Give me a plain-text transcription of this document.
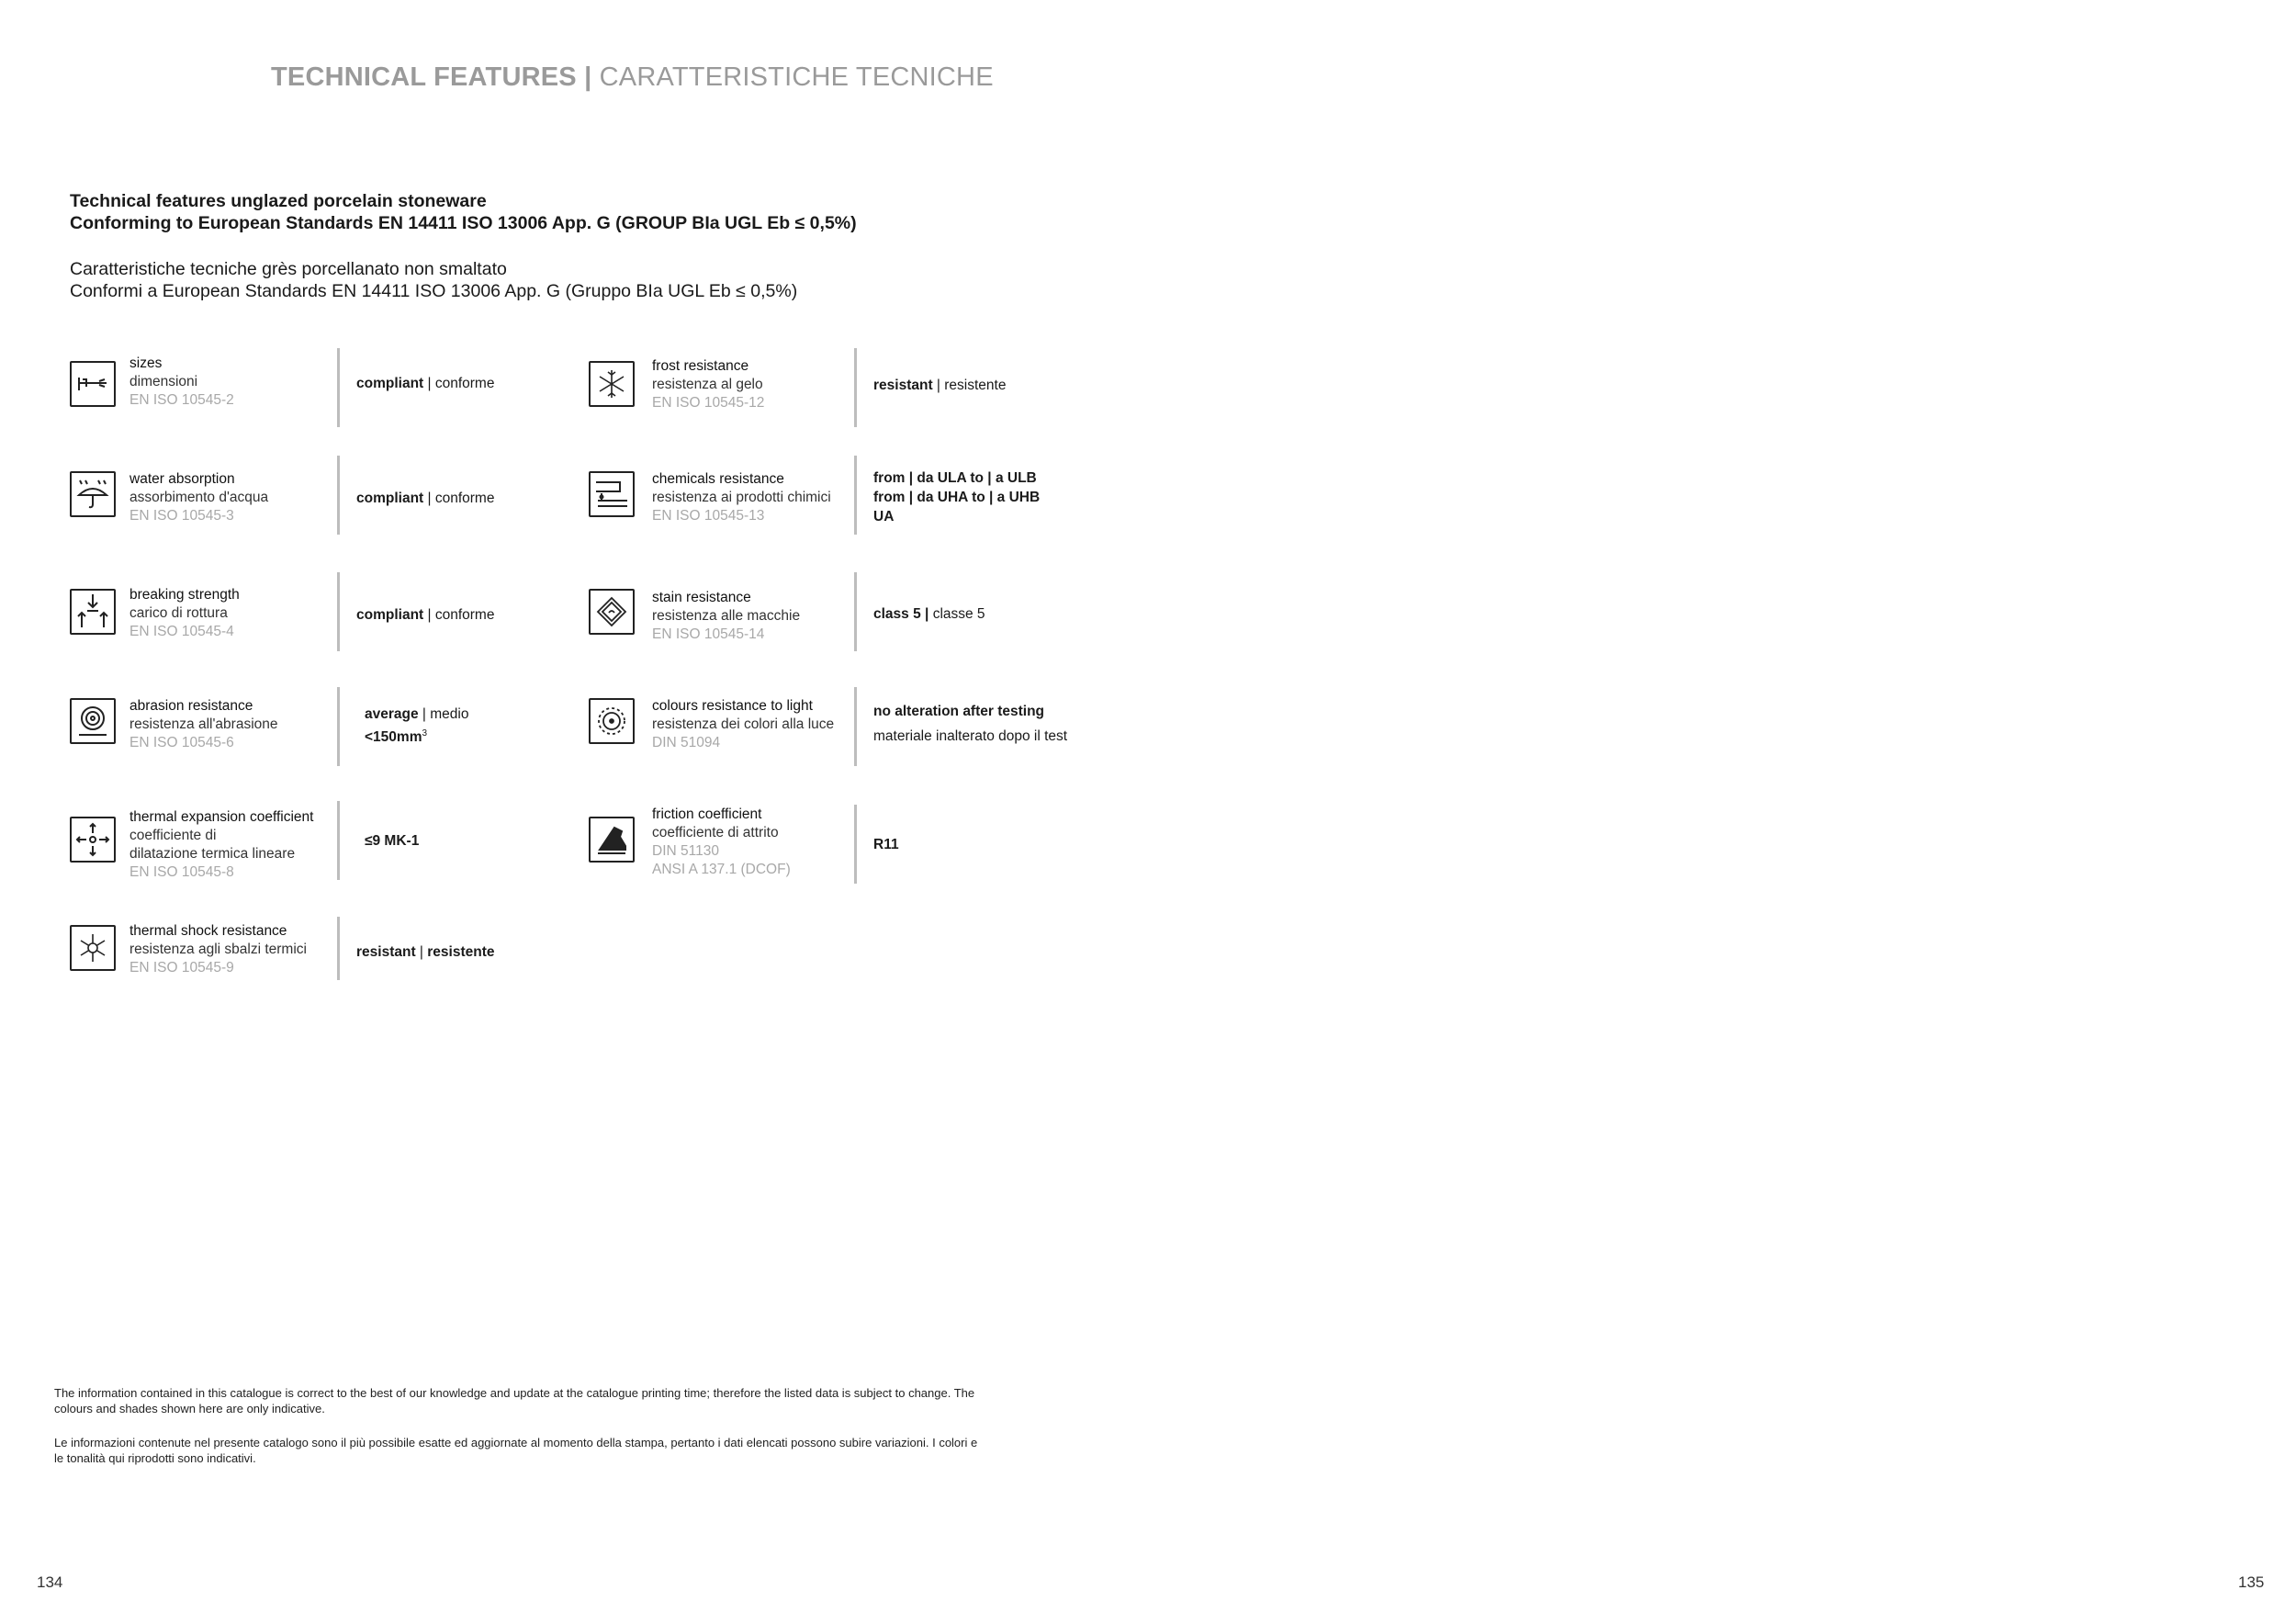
TECHNICAL FEATURES | CARATTERISTICHE TECNICHE
Technical features unglazed porcelain stoneware
Conforming to European Standards EN 14411 ISO 13006 App. G (GROUP BIa UGL Eb ≤ 0,5%)
Caratteristiche tecniche grès porcellanato non smaltato
Conformi a European Standards EN 14411 ISO 13006 App. G (Gruppo BIa UGL Eb ≤ 0,5%)
sizes
dimensioni
EN ISO 10545-2
compliant | conforme
water absorption
assorbimento d'acqua
EN ISO 10545-3
compliant | conforme
breaking strength
carico di rottura
EN ISO 10545-4
compliant | conforme
abrasion resistance
resistenza all'abrasione
EN ISO 10545-6
average | medio
$<150mm^3$
thermal expansion coefficient
coefficiente di
dilatazione termica lineare
EN ISO 10545-8
≤9 MK-1
thermal shock resistance
resistenza agli sbalzi termici
EN ISO 10545-9
resistant | resistente
frost resistance
resistenza al gelo
EN ISO 10545-12
resistant | resistente
chemicals resistance
resistenza ai prodotti chimici
EN ISO 10545-13
from | da ULA to | a ULB
from | da UHA to | a UHB
UA
stain resistance
resistenza alle macchie
EN ISO 10545-14
class 5 | classe 5
colours resistance to light
resistenza dei colori alla luce
DIN 51094
no alteration after testing
materiale inalterato dopo il test
friction coefficient
coefficiente di attrito
DIN 51130
ANSI A 137.1 (DCOF)
R11
The information contained in this catalogue is correct to the best of our knowledge and update at the catalogue printing time; therefore the listed data is subject to change. The colours and shades shown here are only indicative.
Le informazioni contenute nel presente catalogo sono il più possibile esatte ed aggiornate al momento della stampa, pertanto i dati elencati possono subire variazioni. I colori e le tonalità qui riprodotti sono indicativi.
134	135
